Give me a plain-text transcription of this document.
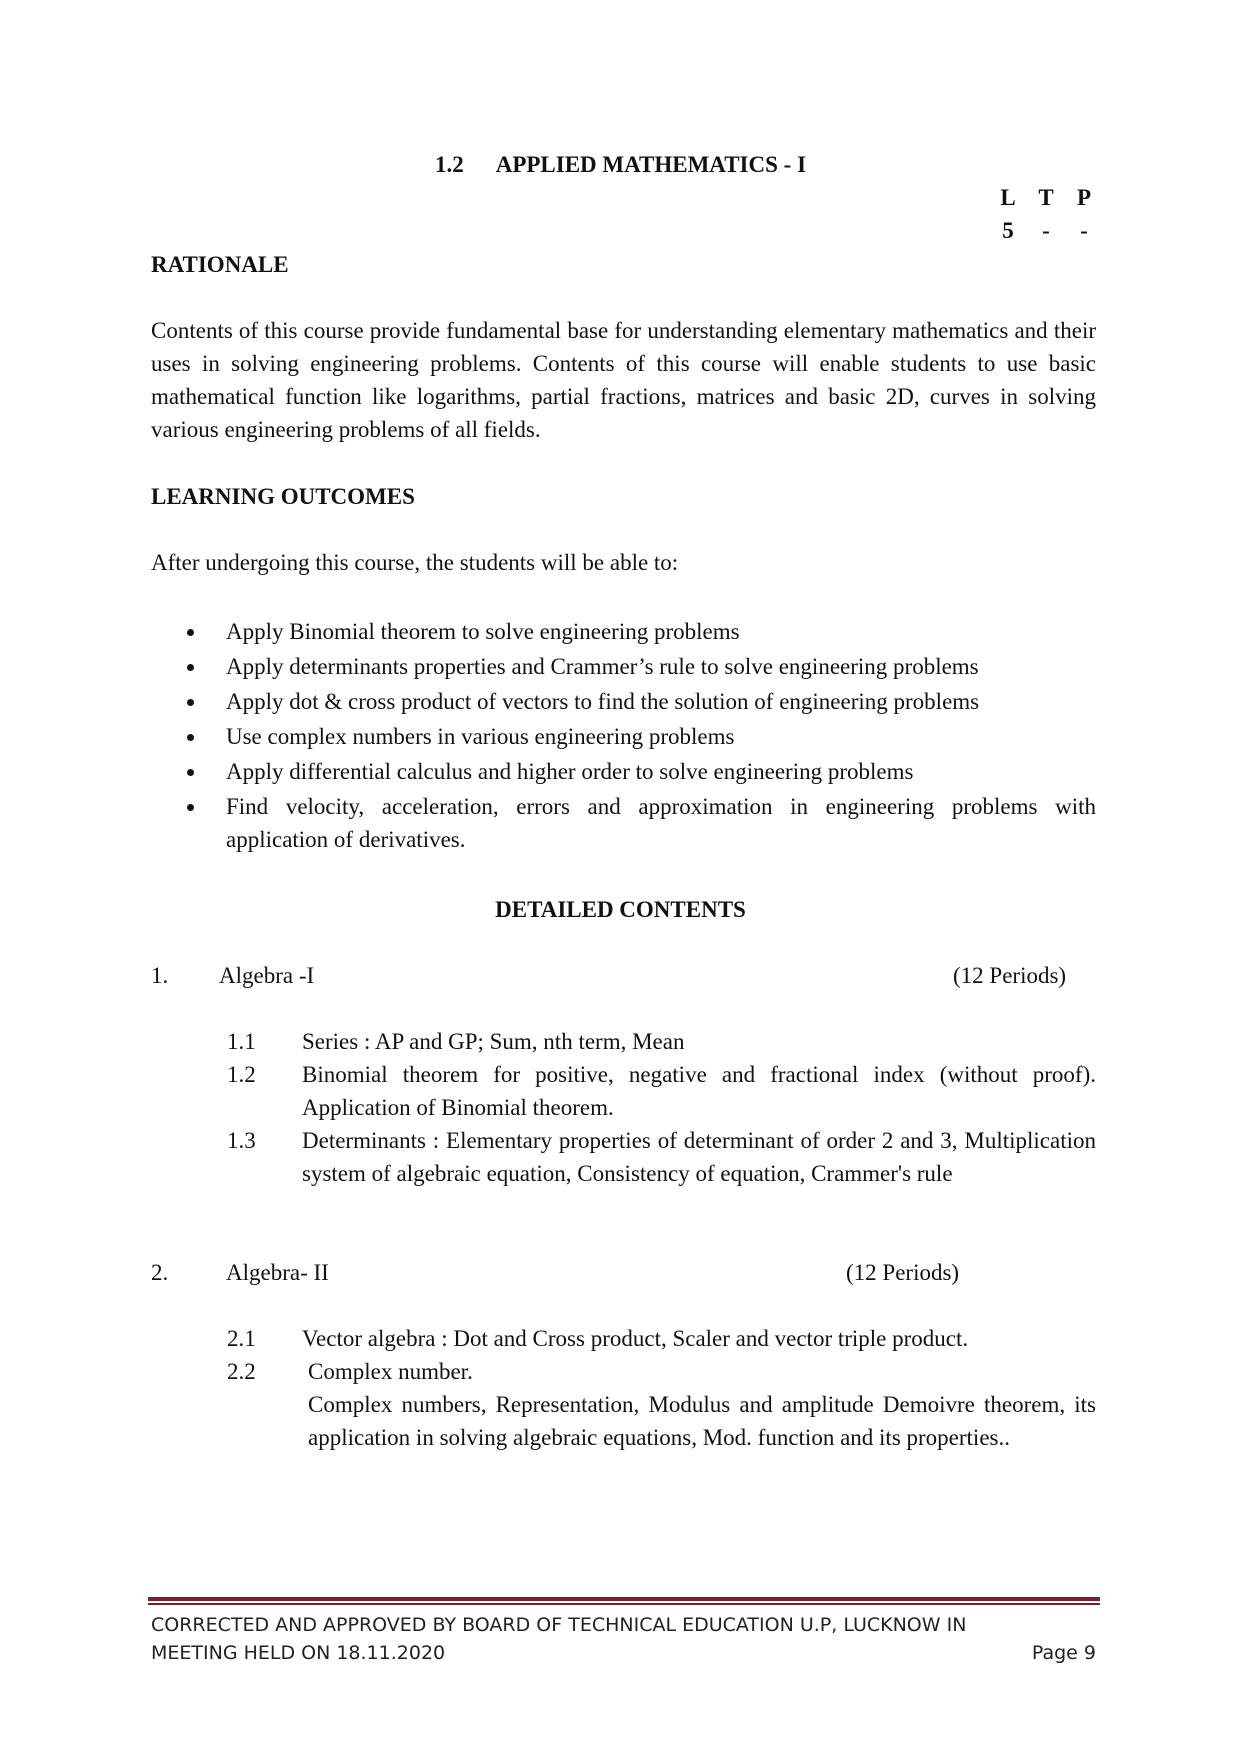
1.2 APPLIED MATHEMATICS - I
L T P
5 - -
RATIONALE
Contents of this course provide fundamental base for understanding elementary mathematics and their uses in solving engineering problems. Contents of this course will enable students to use basic mathematical function like logarithms, partial fractions, matrices and basic 2D, curves in solving various engineering problems of all fields.
LEARNING OUTCOMES
After undergoing this course, the students will be able to:
Apply Binomial theorem to solve engineering problems
Apply determinants properties and Crammer’s rule to solve engineering problems
Apply dot & cross product of vectors to find the solution of engineering problems
Use complex numbers in various engineering problems
Apply differential calculus and higher order to solve engineering problems
Find velocity, acceleration, errors and approximation in engineering problems with application of derivatives.
DETAILED CONTENTS
1. Algebra -I	(12 Periods)
1.1 Series : AP and GP; Sum, nth term, Mean
1.2 Binomial theorem for positive, negative and fractional index (without proof). Application of Binomial theorem.
1.3 Determinants : Elementary properties of determinant of order 2 and 3, Multiplication system of algebraic equation, Consistency of equation, Crammer's rule
2.	Algebra- II	(12 Periods)
2.1 Vector algebra : Dot and Cross product, Scaler and vector triple product.
2.2 Complex number.
Complex numbers, Representation, Modulus and amplitude Demoivre theorem, its application in solving algebraic equations, Mod. function and its properties..
CORRECTED AND APPROVED BY BOARD OF TECHNICAL EDUCATION U.P, LUCKNOW IN
MEETING HELD ON 18.11.2020	Page 9
